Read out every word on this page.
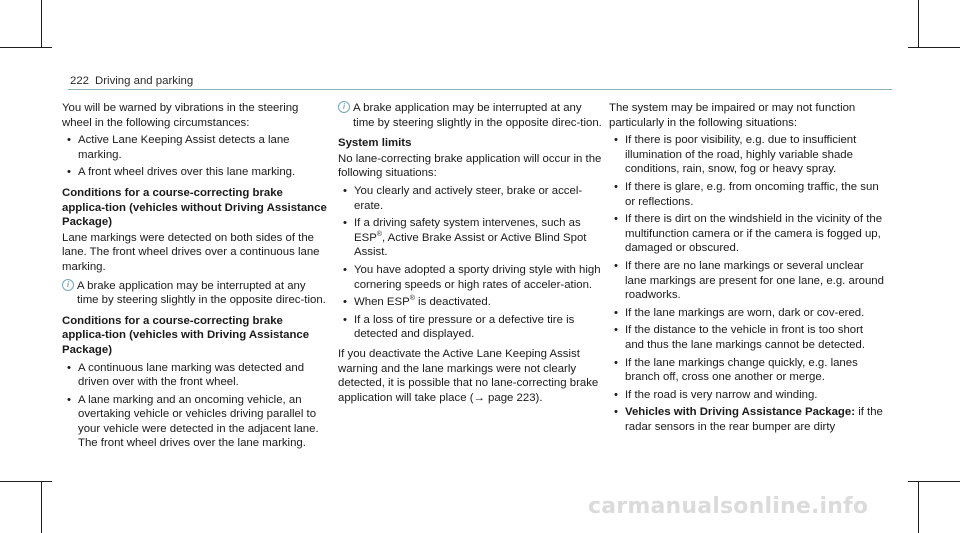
222 Driving and parking

You will be warned by vibrations in the steering wheel in the following circumstances:

• Active Lane Keeping Assist detects a lane marking.
• A front wheel drives over this lane marking.

Conditions for a course-correcting brake applica-tion (vehicles without Driving Assistance Package)

Lane markings were detected on both sides of the lane. The front wheel drives over a continuous lane marking.

i A brake application may be interrupted at any time by steering slightly in the opposite direc-tion.

Conditions for a course-correcting brake applica-tion (vehicles with Driving Assistance Package)

• A continuous lane marking was detected and driven over with the front wheel.
• A lane marking and an oncoming vehicle, an overtaking vehicle or vehicles driving parallel to your vehicle were detected in the adjacent lane. The front wheel drives over the lane marking.
i A brake application may be interrupted at any time by steering slightly in the opposite direc-tion.

System limits

No lane-correcting brake application will occur in the following situations:

• You clearly and actively steer, brake or accel-erate.
• If a driving safety system intervenes, such as ESP®, Active Brake Assist or Active Blind Spot Assist.
• You have adopted a sporty driving style with high cornering speeds or high rates of acceler-ation.
• When ESP® is deactivated.
• If a loss of tire pressure or a defective tire is detected and displayed.

If you deactivate the Active Lane Keeping Assist warning and the lane markings were not clearly detected, it is possible that no lane-correcting brake application will take place (→ page 223).

The system may be impaired or may not function particularly in the following situations:

• If there is poor visibility, e.g. due to insufficient illumination of the road, highly variable shade conditions, rain, snow, fog or heavy spray.
• If there is glare, e.g. from oncoming traffic, the sun or reflections.
• If there is dirt on the windshield in the vicinity of the multifunction camera or if the camera is fogged up, damaged or obscured.
• If there are no lane markings or several unclear lane markings are present for one lane, e.g. around roadworks.
• If the lane markings are worn, dark or cov-ered.
• If the distance to the vehicle in front is too short and thus the lane markings cannot be detected.
• If the lane markings change quickly, e.g. lanes branch off, cross one another or merge.
• If the road is very narrow and winding.
• Vehicles with Driving Assistance Package: if the radar sensors in the rear bumper are dirty
carmanualsonline.info
